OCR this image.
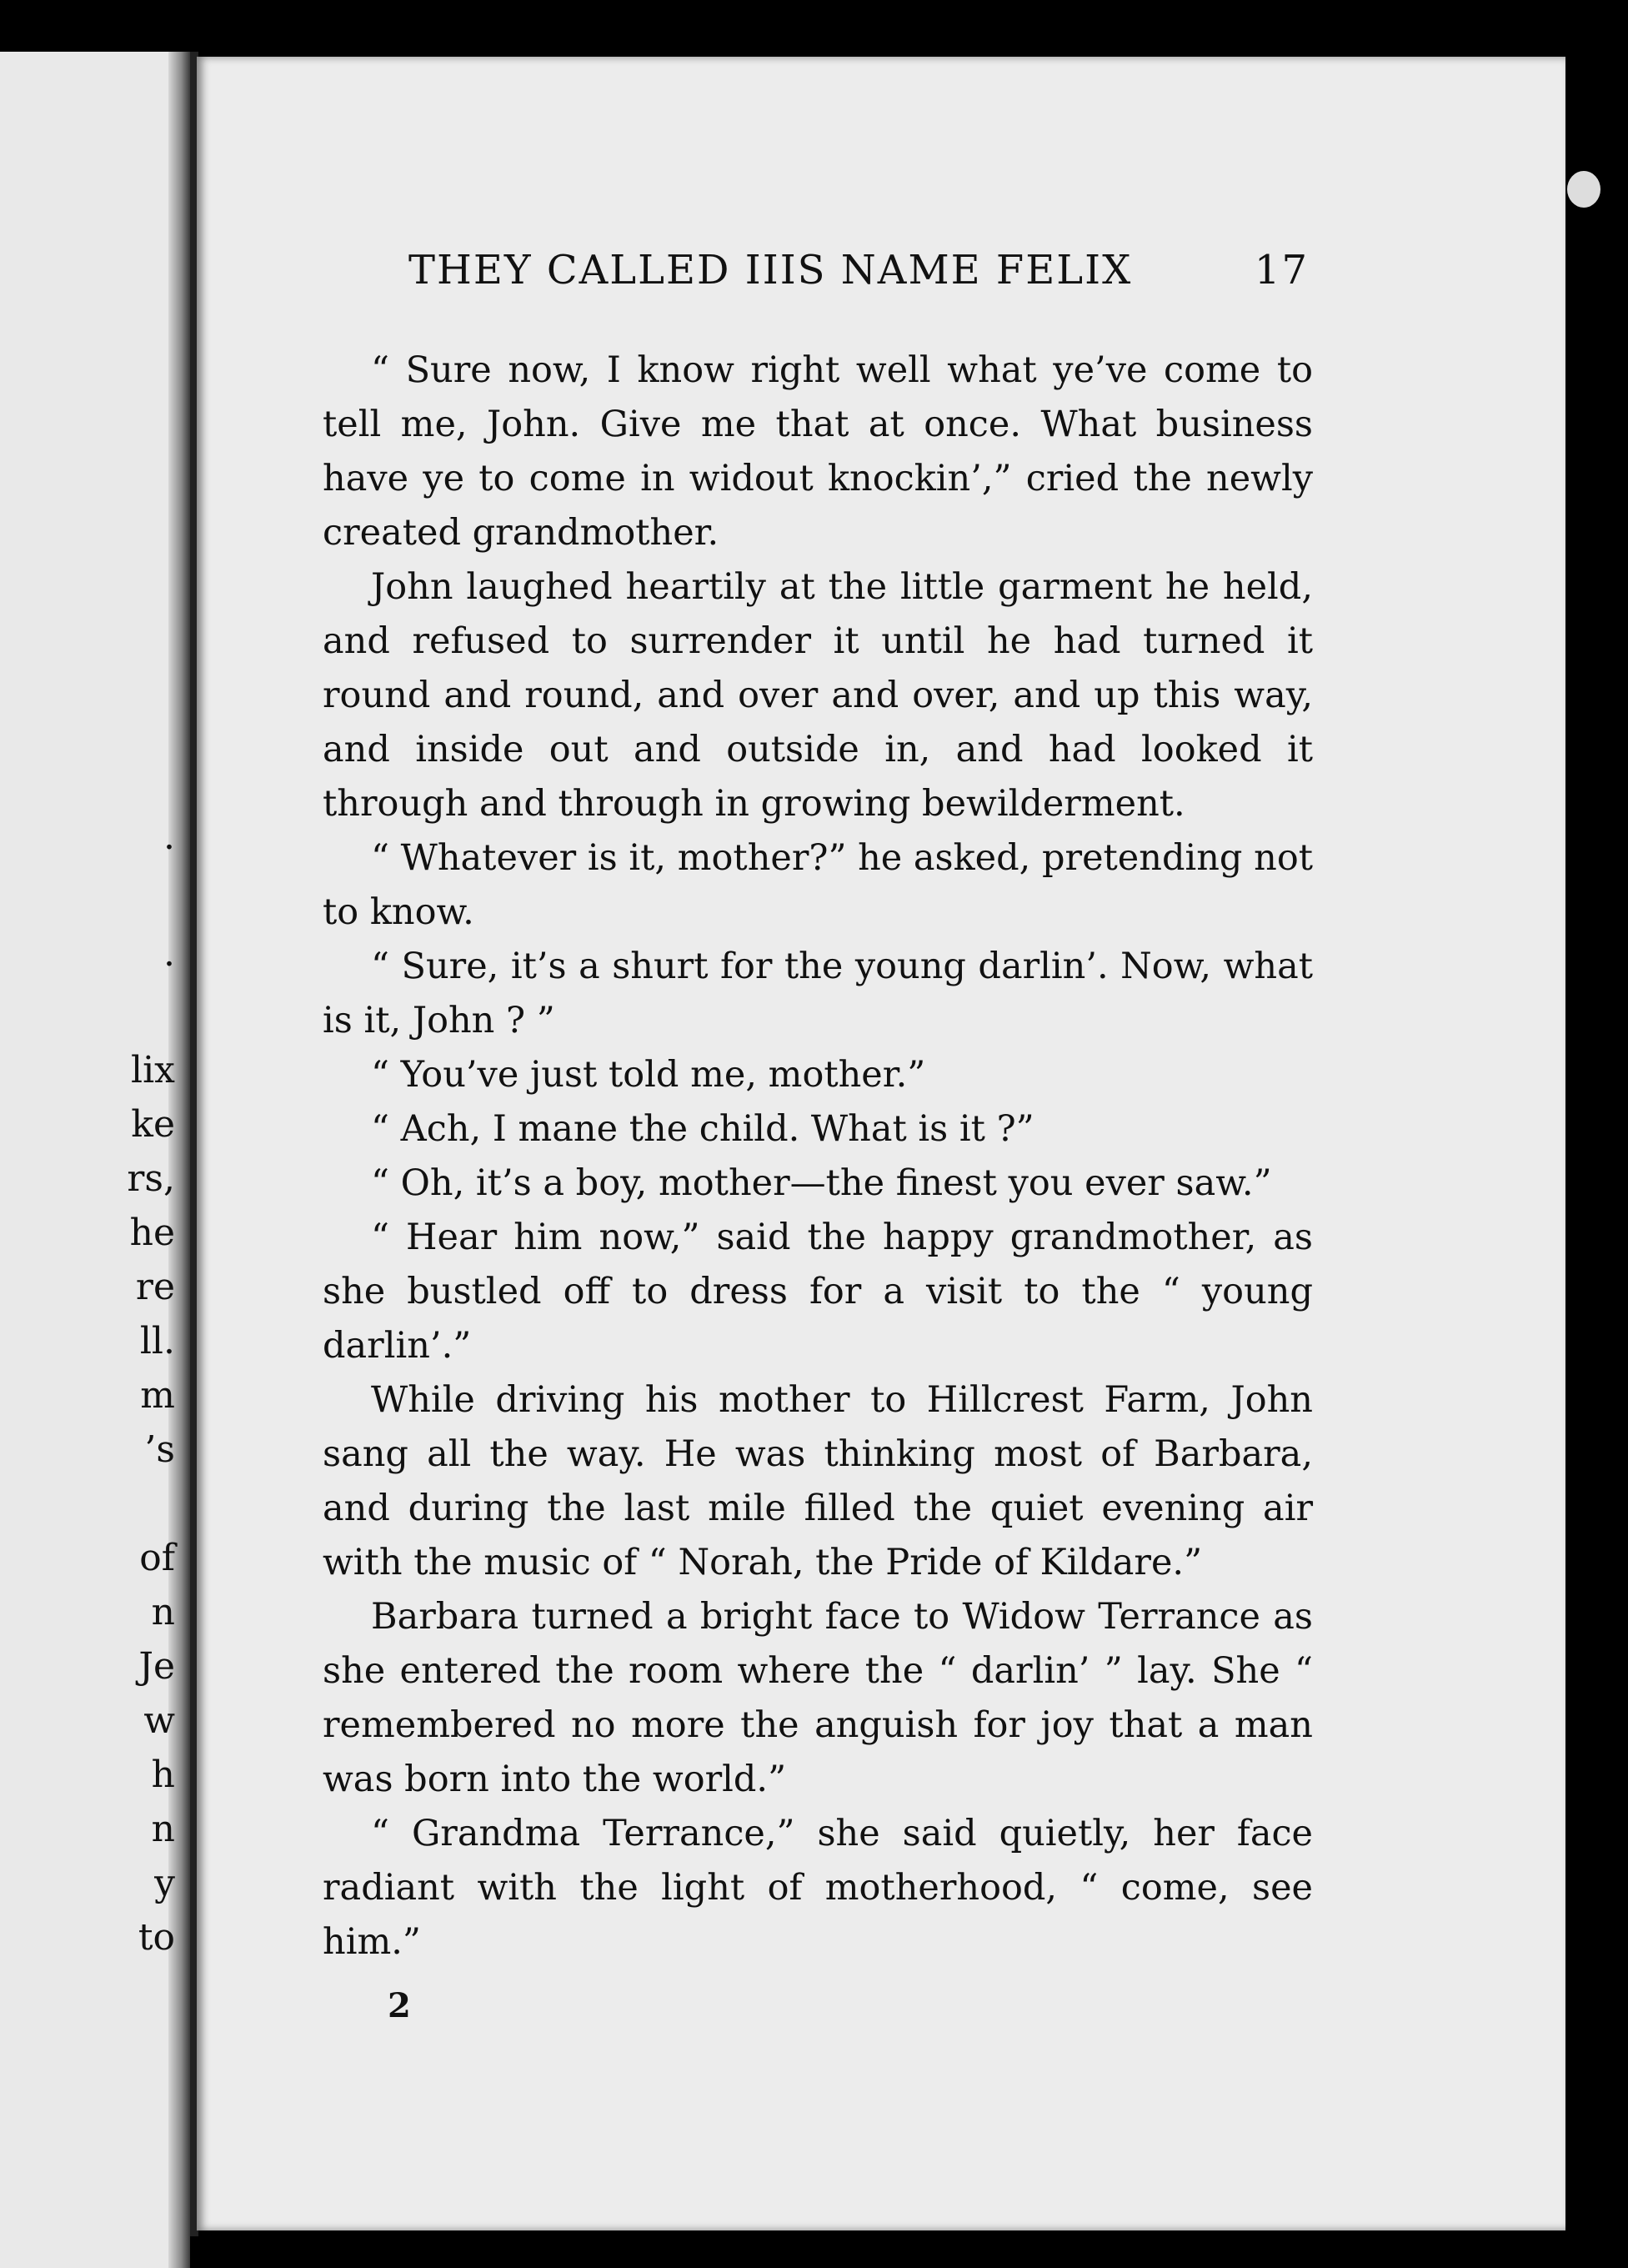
.
.
lix
ke
rs,
he
re
ll.
m
’s
of
n
Je
w
h
n
y
to
THEY CALLED IIIS NAME FELIX	17

“ Sure now, I know right well what ye’ve come to tell me, John. Give me that at once. What business have ye to come in widout knockin’,” cried the newly created grandmother.

John laughed heartily at the little garment he held, and refused to surrender it until he had turned it round and round, and over and over, and up this way, and inside out and outside in, and had looked it through and through in growing bewilderment.

“ Whatever is it, mother?” he asked, pretending not to know.

“ Sure, it’s a shurt for the young darlin’. Now, what is it, John ? ”

“ You’ve just told me, mother.”

“ Ach, I mane the child. What is it ?”

“ Oh, it’s a boy, mother—the finest you ever saw.”

“ Hear him now,” said the happy grandmother, as she bustled off to dress for a visit to the “ young darlin’.”

While driving his mother to Hillcrest Farm, John sang all the way. He was thinking most of Barbara, and during the last mile filled the quiet evening air with the music of “ Norah, the Pride of Kildare.”

Barbara turned a bright face to Widow Terrance as she entered the room where the “ darlin’ ” lay. She “ remembered no more the anguish for joy that a man was born into the world.”

“ Grandma Terrance,” she said quietly, her face radiant with the light of motherhood, “ come, see him.”

2
